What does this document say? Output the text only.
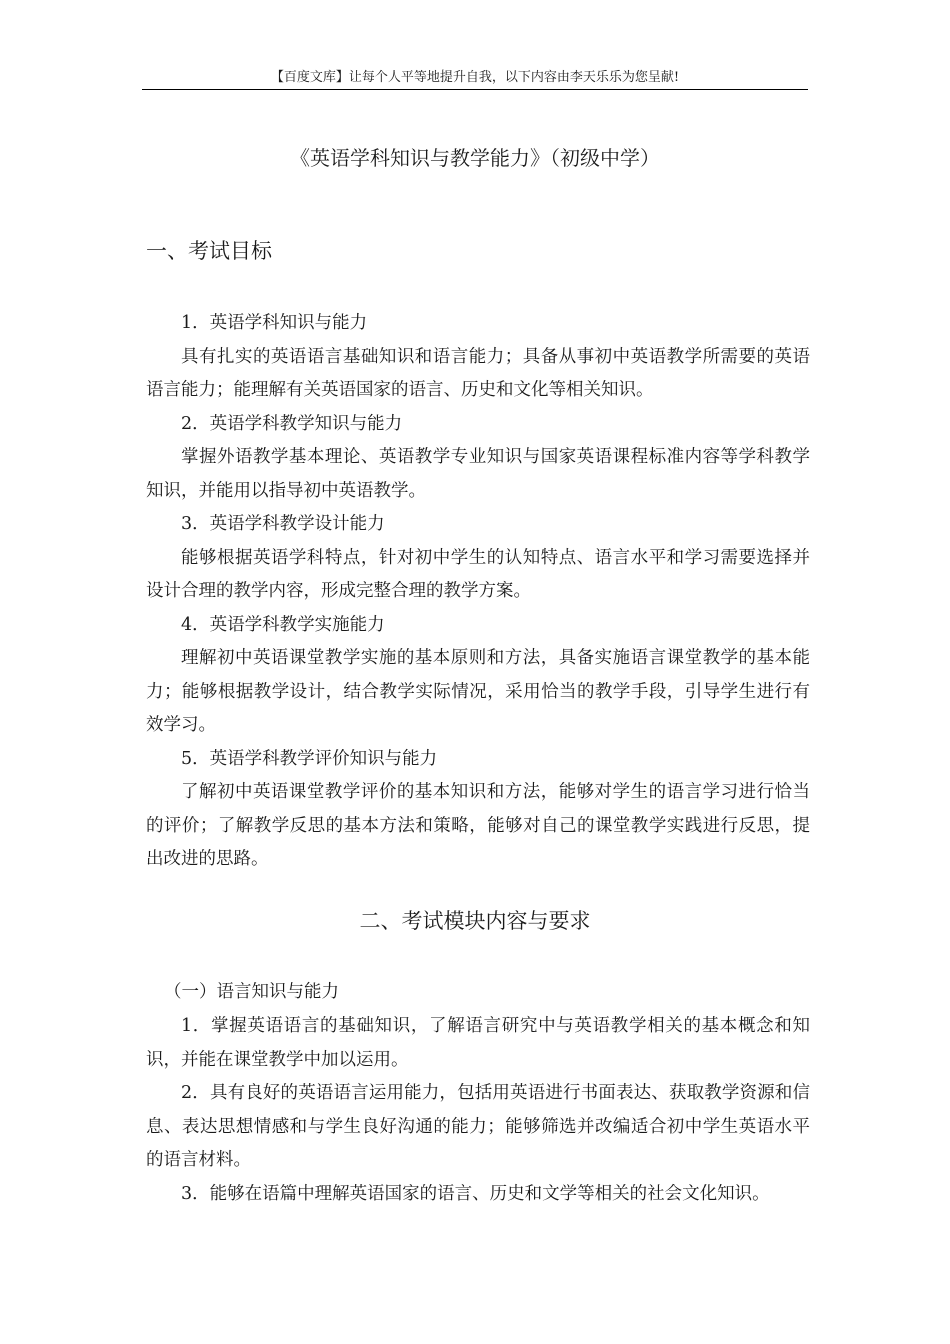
【百度文库】让每个人平等地提升自我，以下内容由李天乐乐为您呈献!
《英语学科知识与教学能力》（初级中学）
一、考试目标
1．英语学科知识与能力
具有扎实的英语语言基础知识和语言能力；具备从事初中英语教学所需要的英语语言能力；能理解有关英语国家的语言、历史和文化等相关知识。
2．英语学科教学知识与能力
掌握外语教学基本理论、英语教学专业知识与国家英语课程标准内容等学科教学知识，并能用以指导初中英语教学。
3．英语学科教学设计能力
能够根据英语学科特点，针对初中学生的认知特点、语言水平和学习需要选择并设计合理的教学内容，形成完整合理的教学方案。
4．英语学科教学实施能力
理解初中英语课堂教学实施的基本原则和方法，具备实施语言课堂教学的基本能力；能够根据教学设计，结合教学实际情况，采用恰当的教学手段，引导学生进行有效学习。
5．英语学科教学评价知识与能力
了解初中英语课堂教学评价的基本知识和方法，能够对学生的语言学习进行恰当的评价；了解教学反思的基本方法和策略，能够对自己的课堂教学实践进行反思，提出改进的思路。
二、考试模块内容与要求
（一）语言知识与能力
1．掌握英语语言的基础知识，了解语言研究中与英语教学相关的基本概念和知识，并能在课堂教学中加以运用。
2．具有良好的英语语言运用能力，包括用英语进行书面表达、获取教学资源和信息、表达思想情感和与学生良好沟通的能力；能够筛选并改编适合初中学生英语水平的语言材料。
3．能够在语篇中理解英语国家的语言、历史和文学等相关的社会文化知识。
